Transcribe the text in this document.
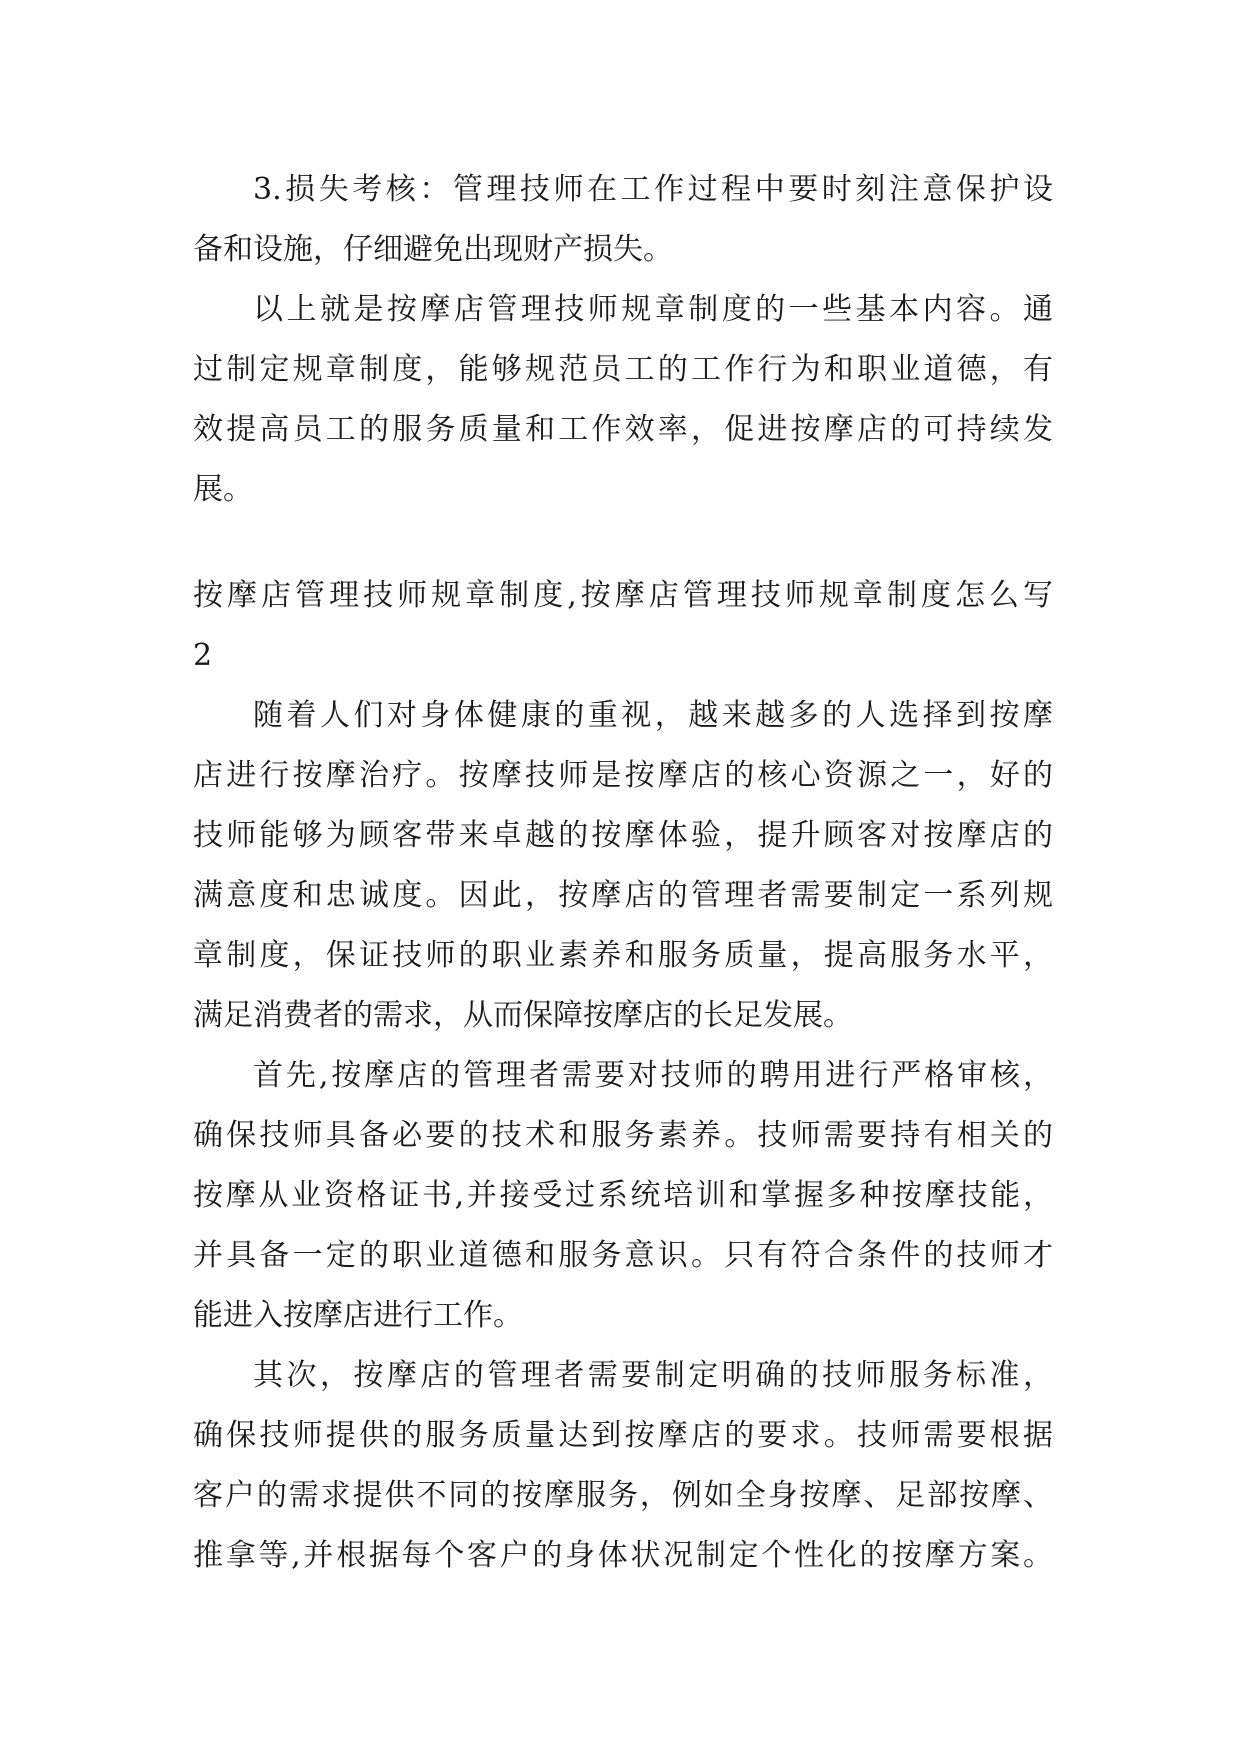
3.损失考核：管理技师在工作过程中要时刻注意保护设
备和设施，仔细避免出现财产损失。
以上就是按摩店管理技师规章制度的一些基本内容。通
过制定规章制度，能够规范员工的工作行为和职业道德，有
效提高员工的服务质量和工作效率，促进按摩店的可持续发
展。
按摩店管理技师规章制度,按摩店管理技师规章制度怎么写
2
随着人们对身体健康的重视，越来越多的人选择到按摩
店进行按摩治疗。按摩技师是按摩店的核心资源之一，好的
技师能够为顾客带来卓越的按摩体验，提升顾客对按摩店的
满意度和忠诚度。因此，按摩店的管理者需要制定一系列规
章制度，保证技师的职业素养和服务质量，提高服务水平，
满足消费者的需求，从而保障按摩店的长足发展。
首先,按摩店的管理者需要对技师的聘用进行严格审核，
确保技师具备必要的技术和服务素养。技师需要持有相关的
按摩从业资格证书,并接受过系统培训和掌握多种按摩技能，
并具备一定的职业道德和服务意识。只有符合条件的技师才
能进入按摩店进行工作。
其次，按摩店的管理者需要制定明确的技师服务标准，
确保技师提供的服务质量达到按摩店的要求。技师需要根据
客户的需求提供不同的按摩服务，例如全身按摩、足部按摩、
推拿等,并根据每个客户的身体状况制定个性化的按摩方案。
